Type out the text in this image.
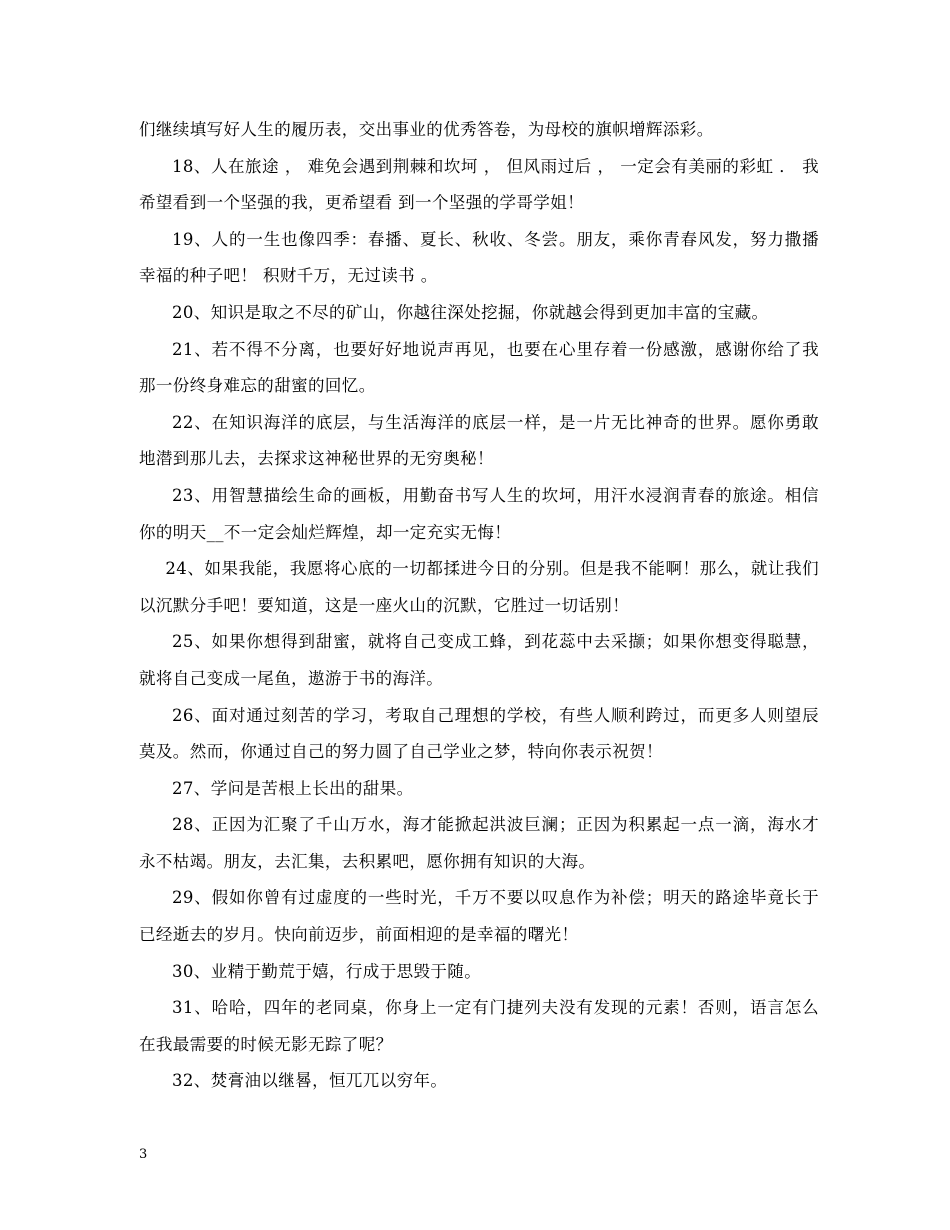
们继续填写好人生的履历表，交出事业的优秀答卷，为母校的旗帜增辉添彩。

18、人在旅途 ， 难免会遇到荆棘和坎坷 ， 但风雨过后 ， 一定会有美丽的彩虹 ． 我希望看到一个坚强的我，更希望看 到一个坚强的学哥学姐！

19、人的一生也像四季：春播、夏长、秋收、冬尝。朋友，乘你青春风发，努力撒播幸福的种子吧！ 积财千万，无过读书 。

20、知识是取之不尽的矿山，你越往深处挖掘，你就越会得到更加丰富的宝藏。

21、若不得不分离，也要好好地说声再见，也要在心里存着一份感激，感谢你给了我那一份终身难忘的甜蜜的回忆。

22、在知识海洋的底层，与生活海洋的底层一样，是一片无比神奇的世界。愿你勇敢地潜到那儿去，去探求这神秘世界的无穷奥秘！

23、用智慧描绘生命的画板，用勤奋书写人生的坎坷，用汗水浸润青春的旅途。相信你的明天__不一定会灿烂辉煌，却一定充实无悔！

24、如果我能，我愿将心底的一切都揉进今日的分别。但是我不能啊！那么，就让我们以沉默分手吧！要知道，这是一座火山的沉默，它胜过一切话别！

25、如果你想得到甜蜜，就将自己变成工蜂，到花蕊中去采撷；如果你想变得聪慧，就将自己变成一尾鱼，遨游于书的海洋。

26、面对通过刻苦的学习，考取自己理想的学校，有些人顺利跨过，而更多人则望辰莫及。然而，你通过自己的努力圆了自己学业之梦，特向你表示祝贺！

27、学问是苦根上长出的甜果。

28、正因为汇聚了千山万水，海才能掀起洪波巨澜；正因为积累起一点一滴，海水才永不枯竭。朋友，去汇集，去积累吧，愿你拥有知识的大海。

29、假如你曾有过虚度的一些时光，千万不要以叹息作为补偿；明天的路途毕竟长于已经逝去的岁月。快向前迈步，前面相迎的是幸福的曙光！

30、业精于勤荒于嬉，行成于思毁于随。

31、哈哈，四年的老同桌，你身上一定有门捷列夫没有发现的元素！否则，语言怎么在我最需要的时候无影无踪了呢？

32、焚膏油以继晷，恒兀兀以穷年。

3
